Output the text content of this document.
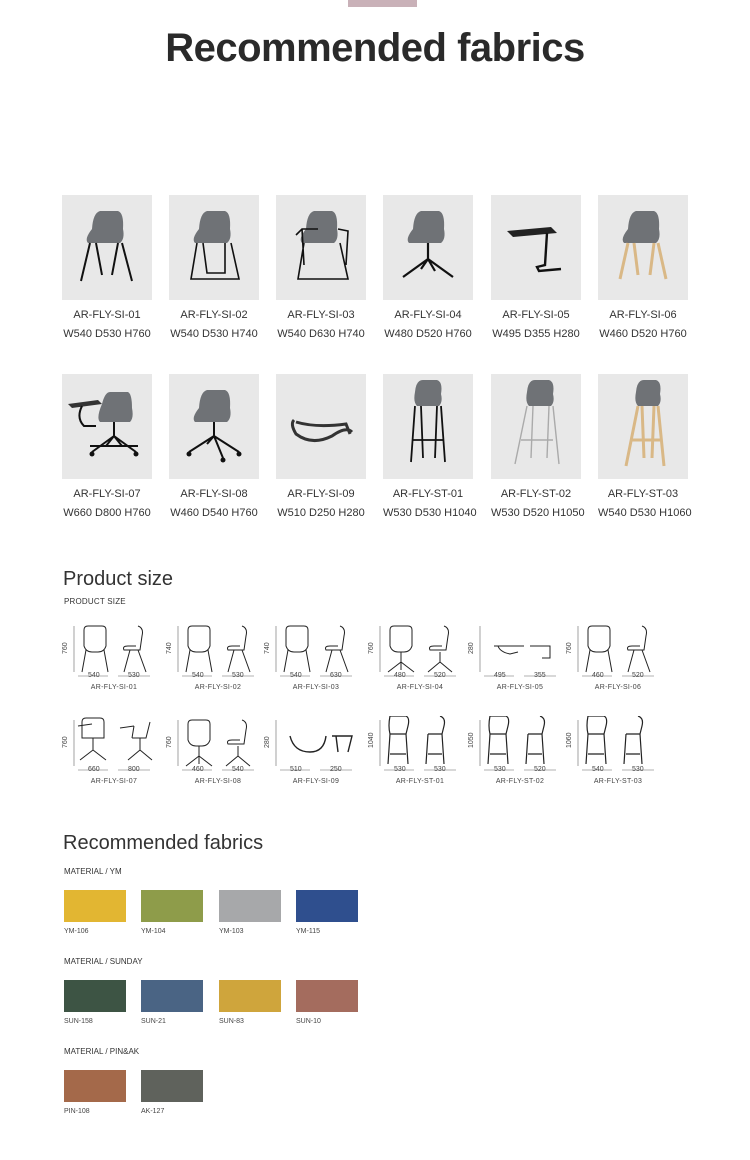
Recommended fabrics
AR-FLY-SI-01
W540 D530 H760
AR-FLY-SI-02
W540 D530 H740
AR-FLY-SI-03
W540 D630 H740
AR-FLY-SI-04
W480 D520 H760
AR-FLY-SI-05
W495 D355 H280
AR-FLY-SI-06
W460 D520 H760
AR-FLY-SI-07
W660 D800 H760
AR-FLY-SI-08
W460 D540 H760
AR-FLY-SI-09
W510 D250 H280
AR-FLY-ST-01
W530 D530 H1040
AR-FLY-ST-02
W530 D520 H1050
AR-FLY-ST-03
W540 D530 H1060
Product size
PRODUCT SIZE
760
540	530
AR-FLY-SI-01
740
540	530
AR-FLY-SI-02
740
540	630
AR-FLY-SI-03
760
480	520
AR-FLY-SI-04
280
495	355
AR-FLY-SI-05
760
460	520
AR-FLY-SI-06
760
660	800
AR-FLY-SI-07
760
460	540
AR-FLY-SI-08
280
510	250
AR-FLY-SI-09
1040
530	530
AR-FLY-ST-01
1050
530	520
AR-FLY-ST-02
1060
540	530
AR-FLY-ST-03
Recommended fabrics
MATERIAL / YM
YM-106	YM-104	YM-103	YM-115
MATERIAL / SUNDAY
SUN-158	SUN-21	SUN-83	SUN-10
MATERIAL / PIN&AK
PIN-108	AK-127
